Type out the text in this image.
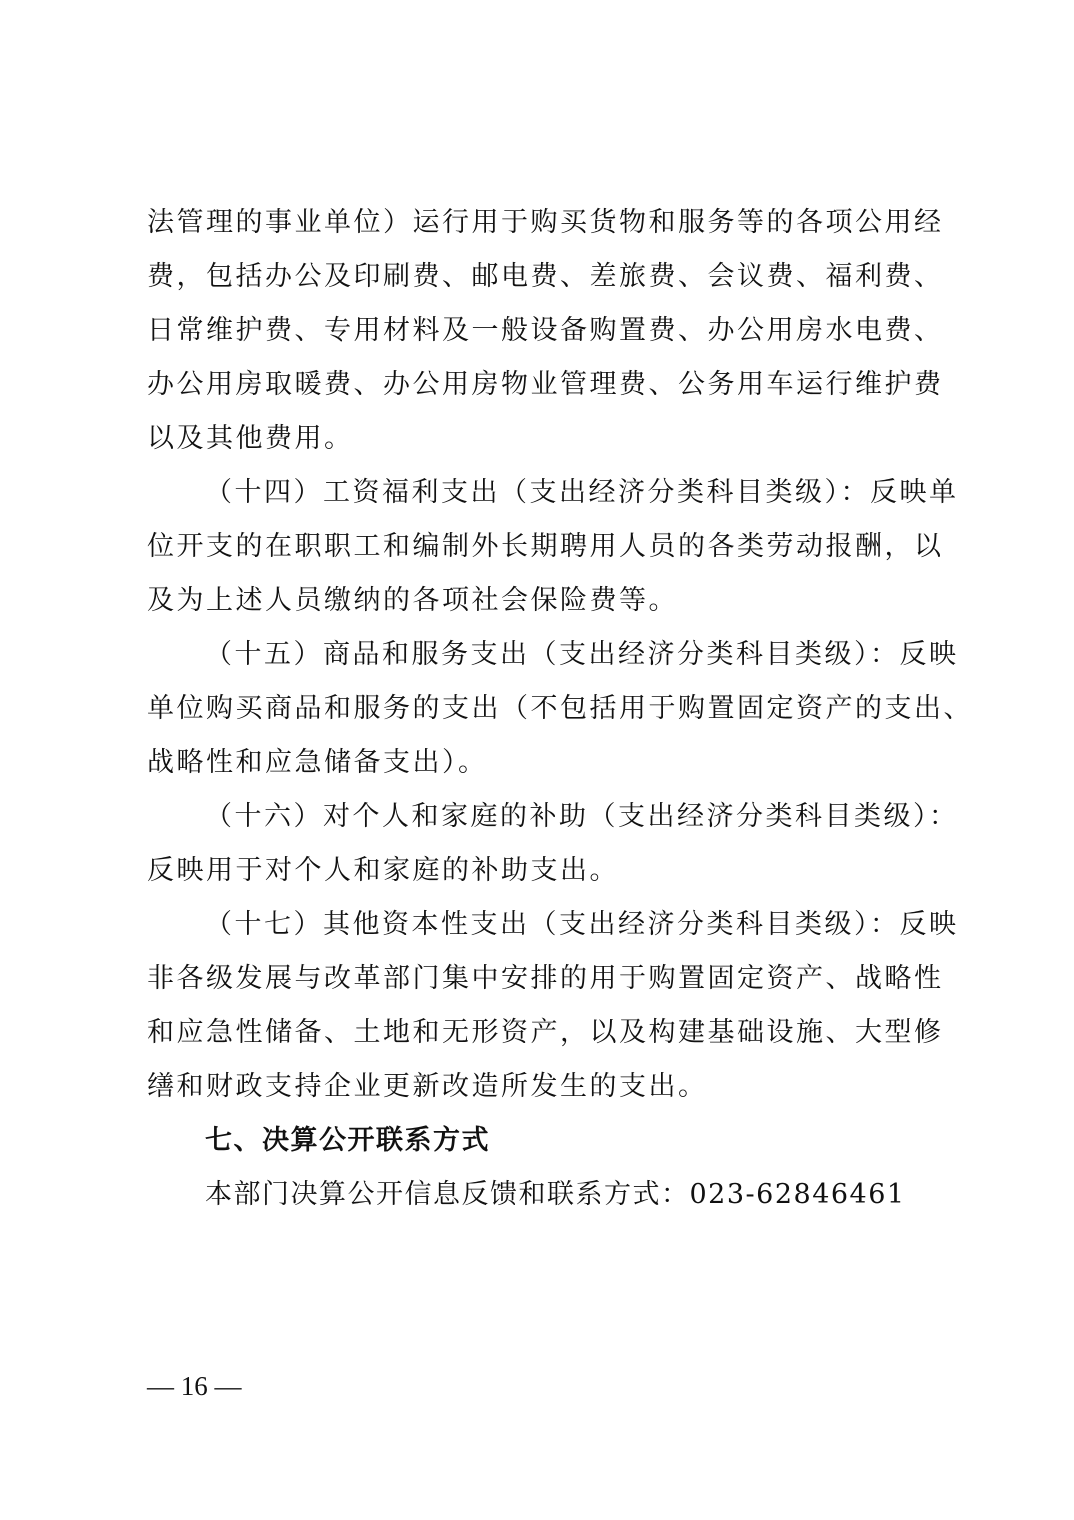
法管理的事业单位）运行用于购买货物和服务等的各项公用经
费，包括办公及印刷费、邮电费、差旅费、会议费、福利费、
日常维护费、专用材料及一般设备购置费、办公用房水电费、
办公用房取暖费、办公用房物业管理费、公务用车运行维护费
以及其他费用。
（十四）工资福利支出（支出经济分类科目类级）：反映单
位开支的在职职工和编制外长期聘用人员的各类劳动报酬，以
及为上述人员缴纳的各项社会保险费等。
（十五）商品和服务支出（支出经济分类科目类级）：反映
单位购买商品和服务的支出（不包括用于购置固定资产的支出、
战略性和应急储备支出）。
（十六）对个人和家庭的补助（支出经济分类科目类级）：
反映用于对个人和家庭的补助支出。
（十七）其他资本性支出（支出经济分类科目类级）：反映
非各级发展与改革部门集中安排的用于购置固定资产、战略性
和应急性储备、土地和无形资产，以及构建基础设施、大型修
缮和财政支持企业更新改造所发生的支出。
七、决算公开联系方式
本部门决算公开信息反馈和联系方式：023-62846461
— 16 —
